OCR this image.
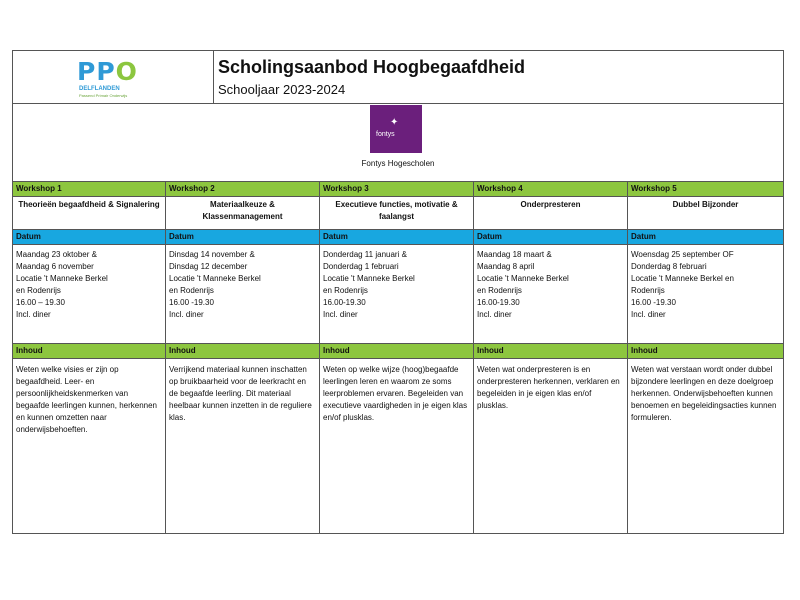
PPO
DELFLANDEN
Passend Primair Onderwijs
Scholingsaanbod Hoogbegaafdheid
Schooljaar 2023-2024
✦
fontys
Fontys Hogescholen
Workshop 1
Theorieën begaafdheid & Signalering
Datum
Maandag 23 oktober &
Maandag 6 november
Locatie 't Manneke Berkel
en Rodenrijs
16.00 – 19.30
Incl. diner
Inhoud
Weten welke visies er zijn op begaafdheid. Leer- en persoonlijkheidskenmerken van begaafde leerlingen kunnen, herkennen en kunnen omzetten naar onderwijsbehoeften.
Workshop 2
Materiaalkeuze & Klassenmanagement
Datum
Dinsdag 14 november &
Dinsdag 12 december
Locatie 't Manneke Berkel
en Rodenrijs
16.00 -19.30
Incl. diner
Inhoud
Verrijkend materiaal kunnen inschatten op bruikbaarheid voor de leerkracht en de begaafde leerling. Dit materiaal heelbaar kunnen inzetten in de reguliere klas.
Workshop 3
Executieve functies, motivatie & faalangst
Datum
Donderdag 11 januari &
Donderdag 1 februari
Locatie 't Manneke Berkel
en Rodenrijs
16.00-19.30
Incl. diner
Inhoud
Weten op welke wijze (hoog)begaafde leerlingen leren en waarom ze soms leerproblemen ervaren. Begeleiden van executieve vaardigheden in je eigen klas en/of plusklas.
Workshop 4
Onderpresteren
Datum
Maandag 18 maart &
Maandag 8 april
Locatie 't Manneke Berkel
en Rodenrijs
16.00-19.30
Incl. diner
Inhoud
Weten wat onderpresteren is en onderpresteren herkennen, verklaren en begeleiden in je eigen klas en/of plusklas.
Workshop 5
Dubbel Bijzonder
Datum
Woensdag 25 september OF
Donderdag 8 februari
Locatie 't Manneke Berkel en
Rodenrijs
16.00 -19.30
Incl. diner
Inhoud
Weten wat verstaan wordt onder dubbel bijzondere leerlingen en deze doelgroep herkennen. Onderwijsbehoeften kunnen benoemen en begeleidingsacties kunnen formuleren.
